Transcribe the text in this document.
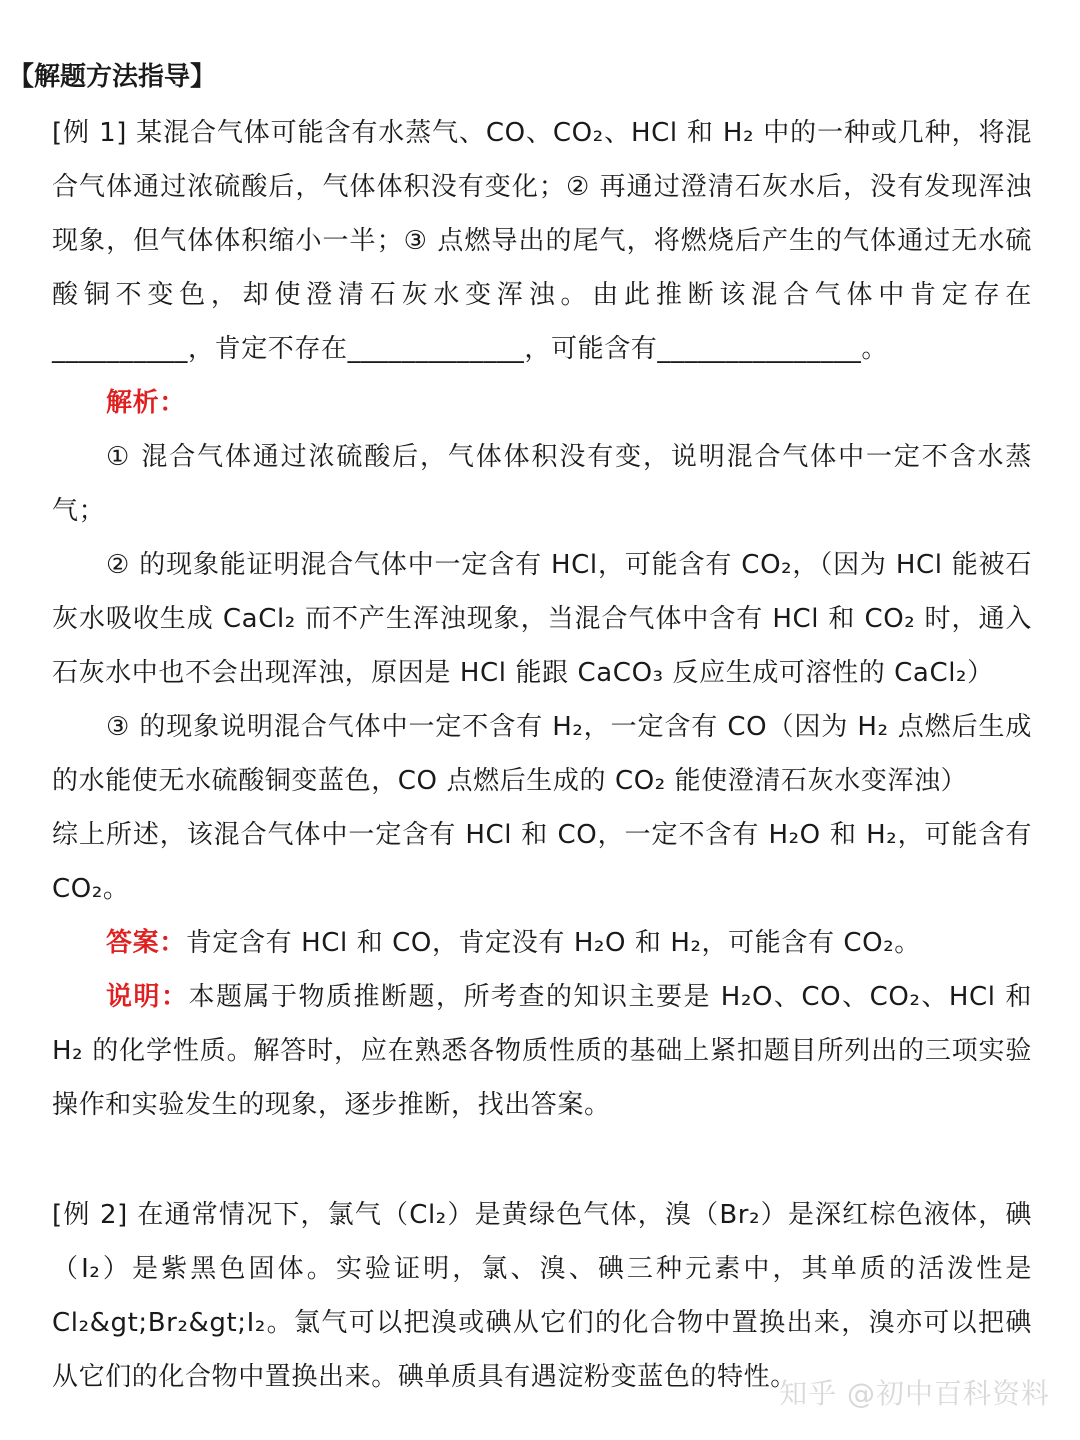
【解题方法指导】
[例 1] 某混合气体可能含有水蒸气、CO、CO₂、HCl 和 H₂ 中的一种或几种，将混合气体通过浓硫酸后，气体体积没有变化；② 再通过澄清石灰水后，没有发现浑浊现象，但气体体积缩小一半；③ 点燃导出的尾气，将燃烧后产生的气体通过无水硫酸铜不变色，却使澄清石灰水变浑浊。由此推断该混合气体中肯定存在__________，肯定不存在_____________，可能含有_______________。
解析：
① 混合气体通过浓硫酸后，气体体积没有变，说明混合气体中一定不含水蒸气；
② 的现象能证明混合气体中一定含有 HCl，可能含有 CO₂，（因为 HCl 能被石灰水吸收生成 CaCl₂ 而不产生浑浊现象，当混合气体中含有 HCl 和 CO₂ 时，通入石灰水中也不会出现浑浊，原因是 HCl 能跟 CaCO₃ 反应生成可溶性的 CaCl₂）
③ 的现象说明混合气体中一定不含有 H₂，一定含有 CO（因为 H₂ 点燃后生成的水能使无水硫酸铜变蓝色，CO 点燃后生成的 CO₂ 能使澄清石灰水变浑浊）
综上所述，该混合气体中一定含有 HCl 和 CO，一定不含有 H₂O 和 H₂，可能含有 CO₂。
答案：肯定含有 HCl 和 CO，肯定没有 H₂O 和 H₂，可能含有 CO₂。
说明：本题属于物质推断题，所考查的知识主要是 H₂O、CO、CO₂、HCl 和 H₂ 的化学性质。解答时，应在熟悉各物质性质的基础上紧扣题目所列出的三项实验操作和实验发生的现象，逐步推断，找出答案。
[例 2] 在通常情况下，氯气（Cl₂）是黄绿色气体，溴（Br₂）是深红棕色液体，碘（I₂）是紫黑色固体。实验证明，氯、溴、碘三种元素中，其单质的活泼性是 Cl₂&gt;Br₂&gt;I₂。氯气可以把溴或碘从它们的化合物中置换出来，溴亦可以把碘从它们的化合物中置换出来。碘单质具有遇淀粉变蓝色的特性。
知乎 @初中百科资料
